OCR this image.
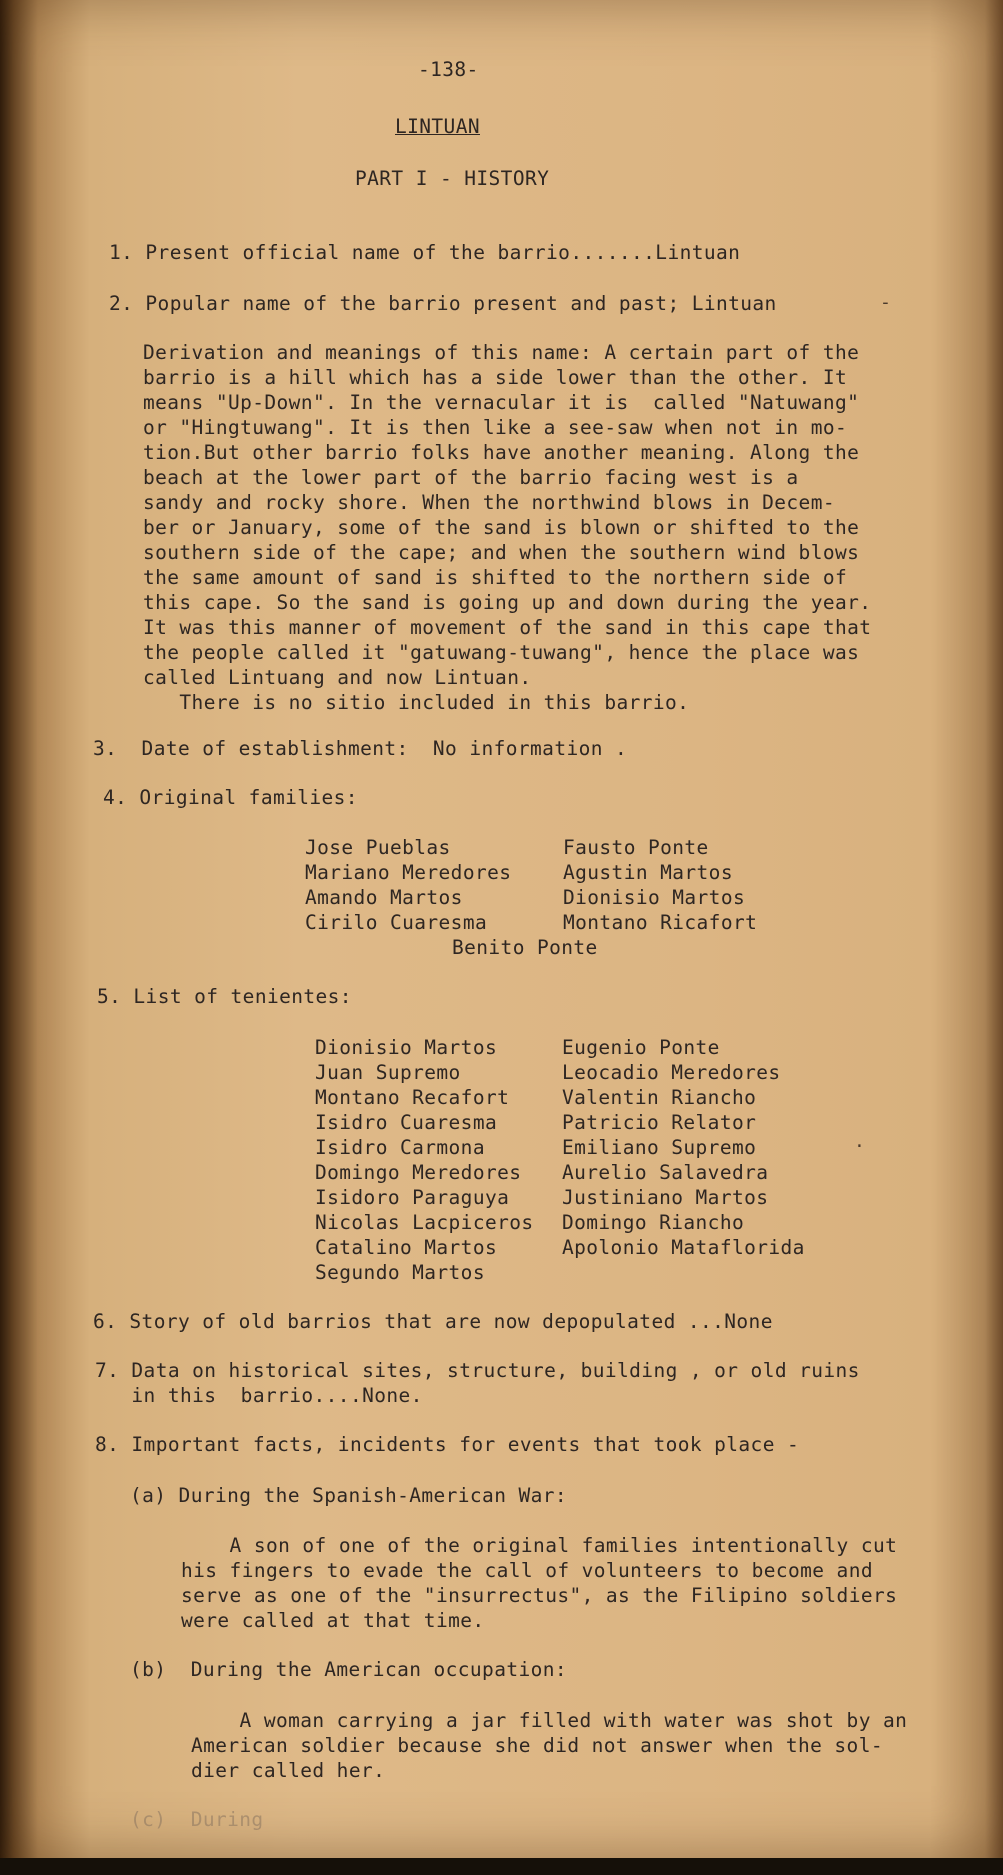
-138-
LINTUAN
PART I - HISTORY
1. Present official name of the barrio.......Lintuan
2. Popular name of the barrio present and past; Lintuan	-
Derivation and meanings of this name: A certain part of the
barrio is a hill which has a side lower than the other. It
means "Up-Down". In the vernacular it is  called "Natuwang"
or "Hingtuwang". It is then like a see-saw when not in mo-
tion.But other barrio folks have another meaning. Along the
beach at the lower part of the barrio facing west is a
sandy and rocky shore. When the northwind blows in Decem-
ber or January, some of the sand is blown or shifted to the
southern side of the cape; and when the southern wind blows
the same amount of sand is shifted to the northern side of
this cape. So the sand is going up and down during the year.
It was this manner of movement of the sand in this cape that
the people called it "gatuwang-tuwang", hence the place was
called Lintuang and now Lintuan.
There is no sitio included in this barrio.
3.  Date of establishment:  No information .
4. Original families:
Jose Pueblas
Mariano Meredores
Amando Martos
Cirilo Cuaresma
Fausto Ponte
Agustin Martos
Dionisio Martos
Montano Ricafort
Benito Ponte
5. List of tenientes:
Dionisio Martos
Juan Supremo
Montano Recafort
Isidro Cuaresma
Isidro Carmona
Domingo Meredores
Isidoro Paraguya
Nicolas Lacpiceros
Catalino Martos
Segundo Martos
Eugenio Ponte
Leocadio Meredores
Valentin Riancho
Patricio Relator
Emiliano Supremo
Aurelio Salavedra
Justiniano Martos
Domingo Riancho
Apolonio Matafloridа
·
6. Story of old barrios that are now depopulated ...None
7. Data on historical sites, structure, building , or old ruins
in this  barrio....None.
8. Important facts, incidents for events that took place -
(a) During the Spanish-American War:
A son of one of the original families intentionally cut
his fingers to evade the call of volunteers to become and
serve as one of the "insurrectus", as the Filipino soldiers
were called at that time.
(b)  During the American occupation:
A woman carrying a jar filled with water was shot by an
American soldier because she did not answer when the sol-
dier called her.
(c)  During
